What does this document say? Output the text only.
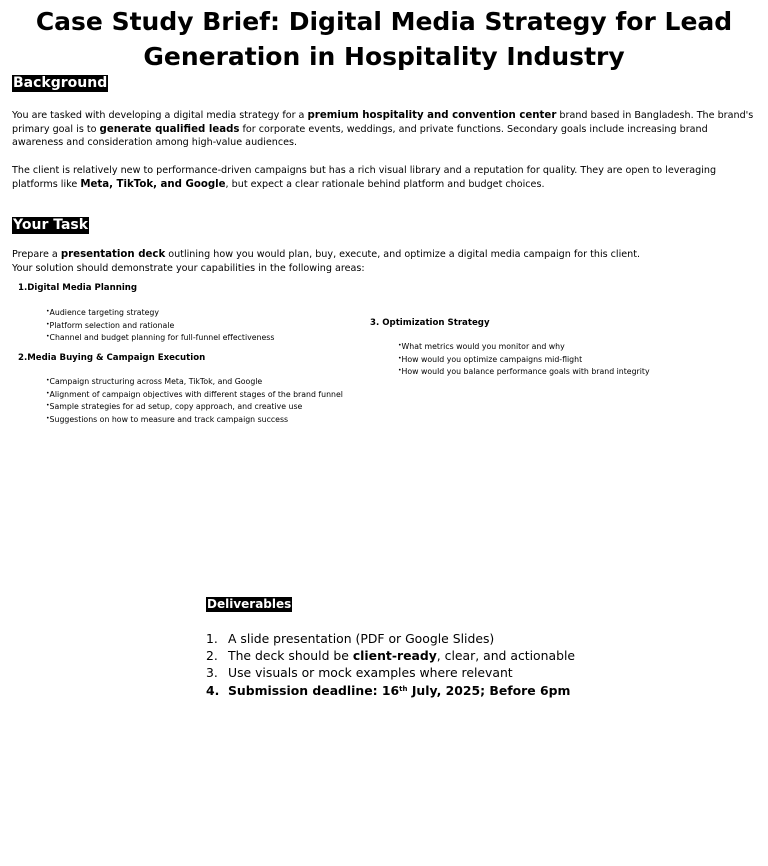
Case Study Brief: Digital Media Strategy for Lead Generation in Hospitality Industry
Background

You are tasked with developing a digital media strategy for a premium hospitality and convention center brand based in Bangladesh. The brand's primary goal is to generate qualified leads for corporate events, weddings, and private functions. Secondary goals include increasing brand awareness and consideration among high-value audiences.

The client is relatively new to performance-driven campaigns but has a rich visual library and a reputation for quality. They are open to leveraging platforms like Meta, TikTok, and Google, but expect a clear rationale behind platform and budget choices.

Your Task

Prepare a presentation deck outlining how you would plan, buy, execute, and optimize a digital media campaign for this client.
Your solution should demonstrate your capabilities in the following areas:

1.Digital Media Planning
• Audience targeting strategy
• Platform selection and rationale
• Channel and budget planning for full-funnel effectiveness
2.Media Buying & Campaign Execution
• Campaign structuring across Meta, TikTok, and Google
• Alignment of campaign objectives with different stages of the brand funnel
• Sample strategies for ad setup, copy approach, and creative use
• Suggestions on how to measure and track campaign success
3. Optimization Strategy
• What metrics would you monitor and why
• How would you optimize campaigns mid-flight
• How would you balance performance goals with brand integrity
Deliverables
1. A slide presentation (PDF or Google Slides)
2. The deck should be client-ready, clear, and actionable
3. Use visuals or mock examples where relevant
4. Submission deadline: 16th July, 2025; Before 6pm
